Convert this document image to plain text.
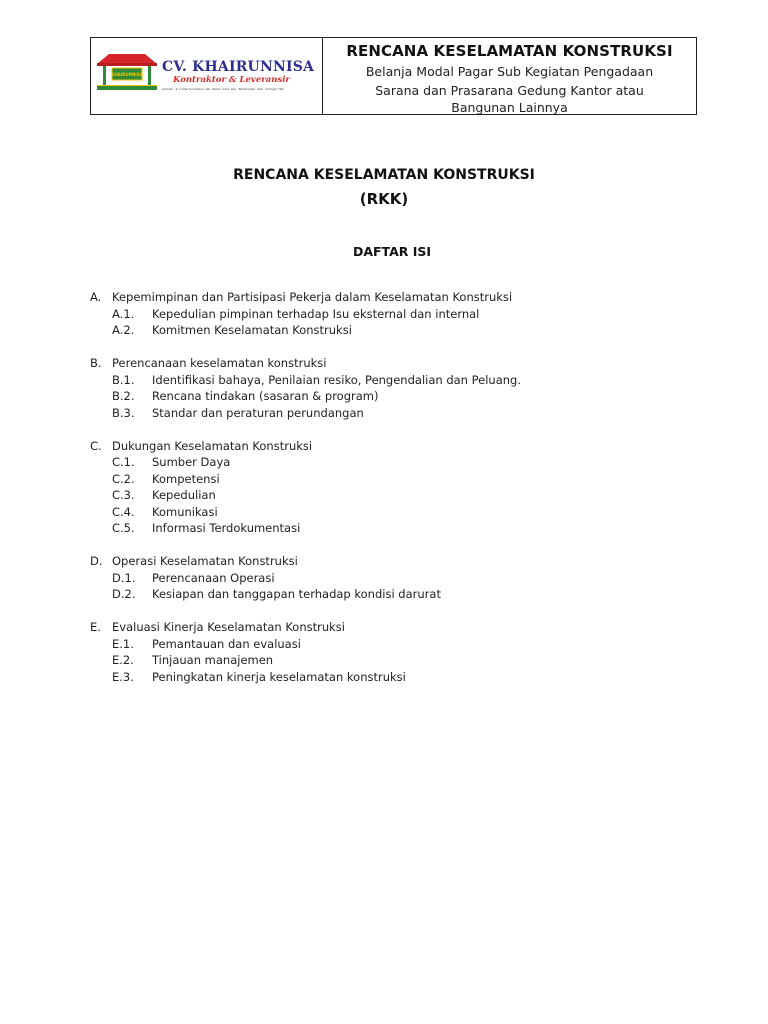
KHAIRUNNISA CV. KHAIRUNNISA
Kontraktor & Leveransir
Alamat : Jl. Lintas Sumatera, Kel. Pekan Arba, Kec. Tembilahan, Kab. Indragiri Hilir
RENCANA KESELAMATAN KONSTRUKSI
Belanja Modal Pagar Sub Kegiatan Pengadaan
Sarana dan Prasarana Gedung Kantor atau
Bangunan Lainnya
RENCANA KESELAMATAN KONSTRUKSI
(RKK)
DAFTAR ISI
A. Kepemimpinan dan Partisipasi Pekerja dalam Keselamatan Konstruksi
A.1.	Kepedulian pimpinan terhadap Isu eksternal dan internal
A.2.	Komitmen Keselamatan Konstruksi
B. Perencanaan keselamatan konstruksi
B.1.	Identifikasi bahaya, Penilaian resiko, Pengendalian dan Peluang.
B.2.	Rencana tindakan (sasaran & program)
B.3.	Standar dan peraturan perundangan
C. Dukungan Keselamatan Konstruksi
C.1.	Sumber Daya
C.2.	Kompetensi
C.3.	Kepedulian
C.4.	Komunikasi
C.5.	Informasi Terdokumentasi
D. Operasi Keselamatan Konstruksi
D.1.	Perencanaan Operasi
D.2.	Kesiapan dan tanggapan terhadap kondisi darurat
E. Evaluasi Kinerja Keselamatan Konstruksi
E.1.	Pemantauan dan evaluasi
E.2.	Tinjauan manajemen
E.3.	Peningkatan kinerja keselamatan konstruksi
